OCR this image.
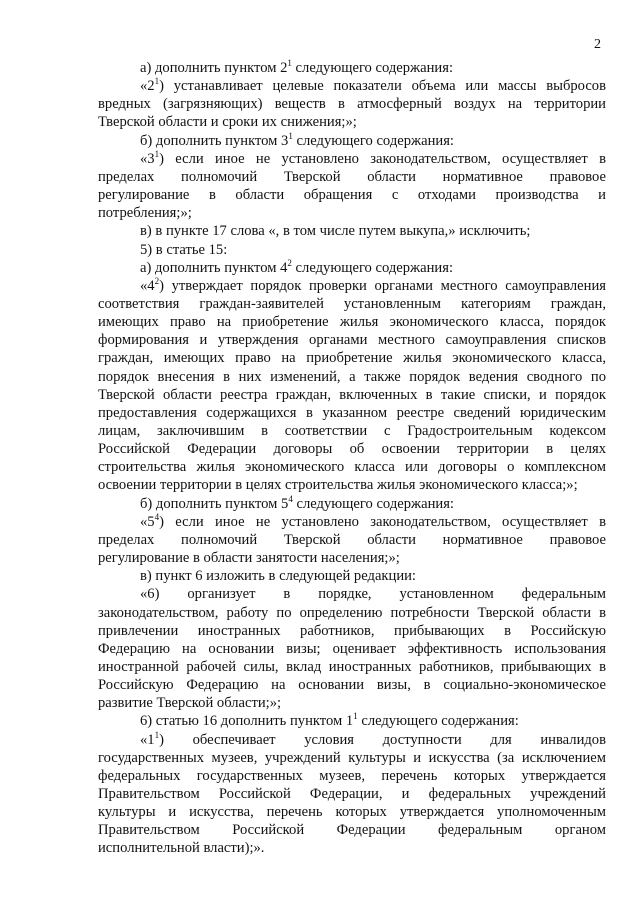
2
а) дополнить пунктом $2^1$ следующего содержания:
«$2^1$) устанавливает целевые показатели объема или массы выбросов
вредных (загрязняющих) веществ в атмосферный воздух на территории
Тверской области и сроки их снижения;»;
б) дополнить пунктом $3^1$ следующего содержания:
«$3^1$) если иное не установлено законодательством, осуществляет в
пределах полномочий Тверской области нормативное правовое
регулирование в области обращения с отходами производства и
потребления;»;
в) в пункте 17 слова «, в том числе путем выкупа,» исключить;
5) в статье 15:
а) дополнить пунктом $4^2$ следующего содержания:
«$4^2$) утверждает порядок проверки органами местного самоуправления
соответствия граждан-заявителей установленным категориям граждан,
имеющих право на приобретение жилья экономического класса, порядок
формирования и утверждения органами местного самоуправления списков
граждан, имеющих право на приобретение жилья экономического класса,
порядок внесения в них изменений, а также порядок ведения сводного по
Тверской области реестра граждан, включенных в такие списки, и порядок
предоставления содержащихся в указанном реестре сведений юридическим
лицам, заключившим в соответствии с Градостроительным кодексом
Российской Федерации договоры об освоении территории в целях
строительства жилья экономического класса или договоры о комплексном
освоении территории в целях строительства жилья экономического класса;»;
б) дополнить пунктом $5^4$ следующего содержания:
«$5^4$) если иное не установлено законодательством, осуществляет в
пределах полномочий Тверской области нормативное правовое
регулирование в области занятости населения;»;
в) пункт 6 изложить в следующей редакции:
«6) организует в порядке, установленном федеральным
законодательством, работу по определению потребности Тверской области в
привлечении иностранных работников, прибывающих в Российскую
Федерацию на основании визы; оценивает эффективность использования
иностранной рабочей силы, вклад иностранных работников, прибывающих в
Российскую Федерацию на основании визы, в социально-экономическое
развитие Тверской области;»;
6) статью 16 дополнить пунктом $1^1$ следующего содержания:
«$1^1$) обеспечивает условия доступности для инвалидов
государственных музеев, учреждений культуры и искусства (за исключением
федеральных государственных музеев, перечень которых утверждается
Правительством Российской Федерации, и федеральных учреждений
культуры и искусства, перечень которых утверждается уполномоченным
Правительством Российской Федерации федеральным органом
исполнительной власти);».
